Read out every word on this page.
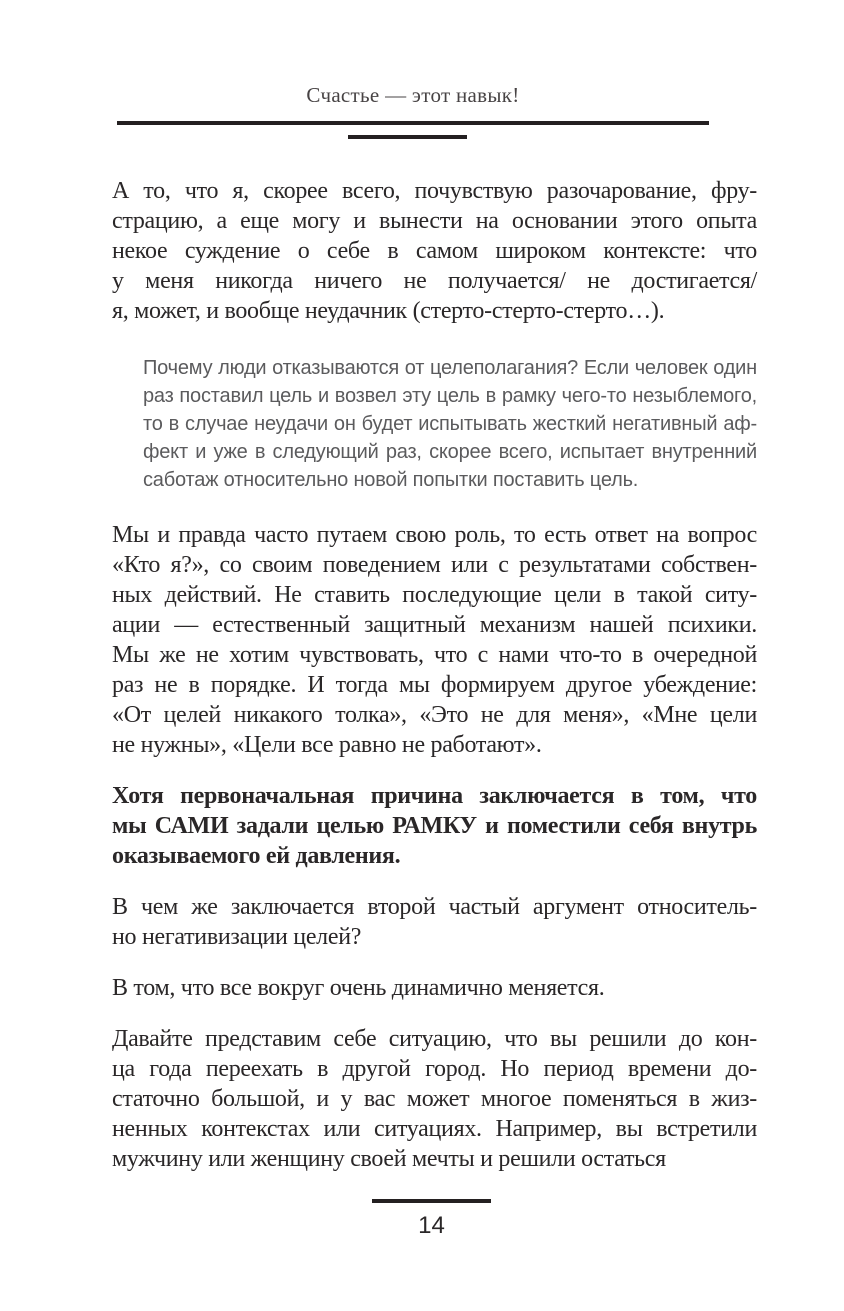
Счастье — этот навык!
А то, что я, скорее всего, почувствую разочарование, фру-
страцию, а еще могу и вынести на основании этого опыта
некое суждение о себе в самом широком контексте: что
у меня никогда ничего не получается/ не достигается/
я, может, и вообще неудачник (стерто-стерто-стерто…).
Почему люди отказываются от целеполагания? Если человек один
раз поставил цель и возвел эту цель в рамку чего-то незыблемого,
то в случае неудачи он будет испытывать жесткий негативный аф-
фект и уже в следующий раз, скорее всего, испытает внутренний
саботаж относительно новой попытки поставить цель.
Мы и правда часто путаем свою роль, то есть ответ на вопрос
«Кто я?», со своим поведением или с результатами собствен-
ных действий. Не ставить последующие цели в такой ситу-
ации — естественный защитный механизм нашей психики.
Мы же не хотим чувствовать, что с нами что-то в очередной
раз не в порядке. И тогда мы формируем другое убеждение:
«От целей никакого толка», «Это не для меня», «Мне цели
не нужны», «Цели все равно не работают».
Хотя первоначальная причина заключается в том, что
мы САМИ задали целью РАМКУ и поместили себя внутрь
оказываемого ей давления.
В чем же заключается второй частый аргумент относитель-
но негативизации целей?
В том, что все вокруг очень динамично меняется.
Давайте представим себе ситуацию, что вы решили до кон-
ца года переехать в другой город. Но период времени до-
статочно большой, и у вас может многое поменяться в жиз-
ненных контекстах или ситуациях. Например, вы встретили
мужчину или женщину своей мечты и решили остаться
14
